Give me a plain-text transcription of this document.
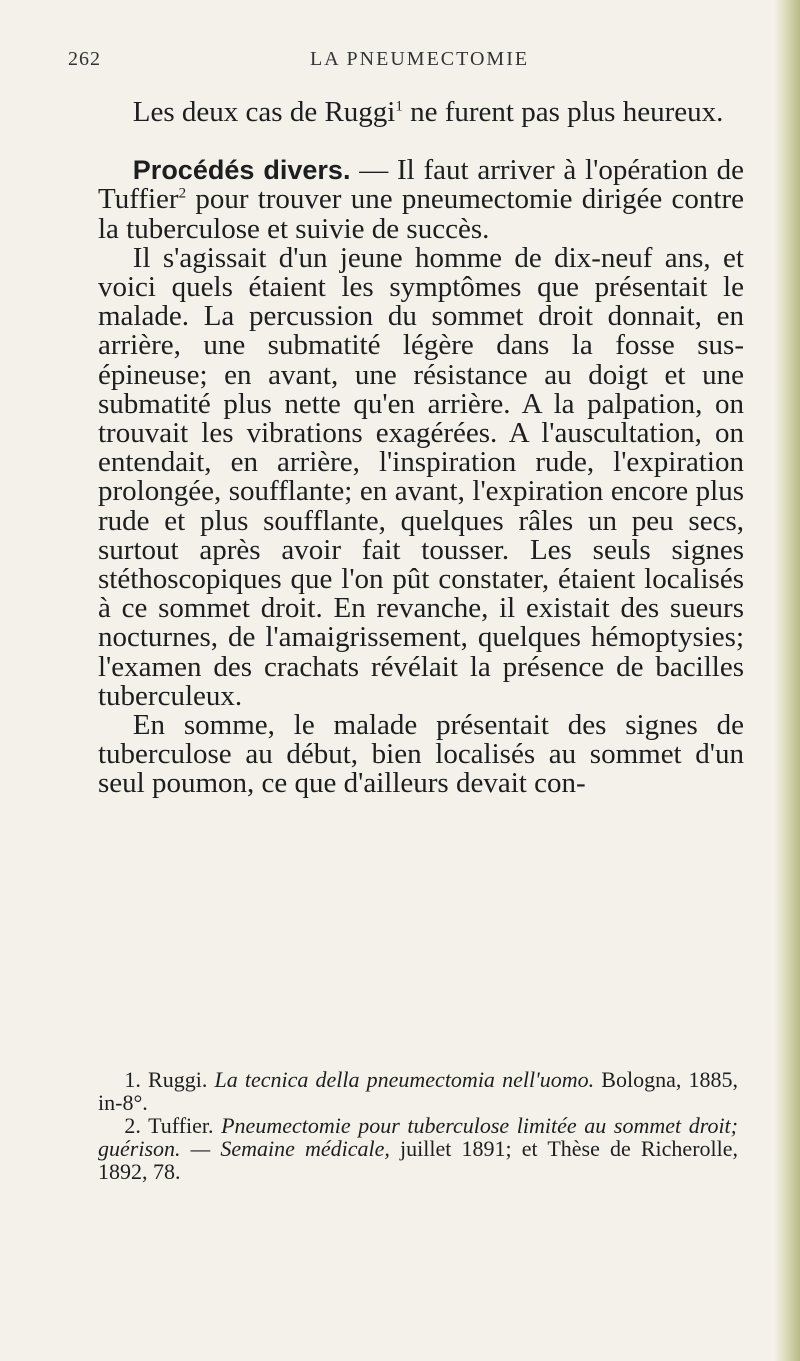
262	LA PNEUMECTOMIE

Les deux cas de Ruggi$^1$ ne furent pas plus heureux.

Procédés divers. — Il faut arriver à l'opération de Tuffier$^2$ pour trouver une pneumectomie dirigée contre la tuberculose et suivie de succès.

Il s'agissait d'un jeune homme de dix-neuf ans, et voici quels étaient les symptômes que présentait le malade. La percussion du sommet droit donnait, en arrière, une submatité légère dans la fosse sus-épineuse; en avant, une résistance au doigt et une submatité plus nette qu'en arrière. A la palpation, on trouvait les vibrations exagérées. A l'auscultation, on entendait, en arrière, l'inspiration rude, l'expiration prolongée, soufflante; en avant, l'expiration encore plus rude et plus soufflante, quelques râles un peu secs, surtout après avoir fait tousser. Les seuls signes stéthoscopiques que l'on pût constater, étaient localisés à ce sommet droit. En revanche, il existait des sueurs nocturnes, de l'amaigrissement, quelques hémoptysies; l'examen des crachats révélait la présence de bacilles tuberculeux.

En somme, le malade présentait des signes de tuberculose au début, bien localisés au sommet d'un seul poumon, ce que d'ailleurs devait con-

1. Ruggi. La tecnica della pneumectomia nell'uomo. Bologna, 1885, in-8°.

2. Tuffier. Pneumectomie pour tuberculose limitée au sommet droit; guérison. — Semaine médicale, juillet 1891; et Thèse de Richerolle, 1892, 78.
